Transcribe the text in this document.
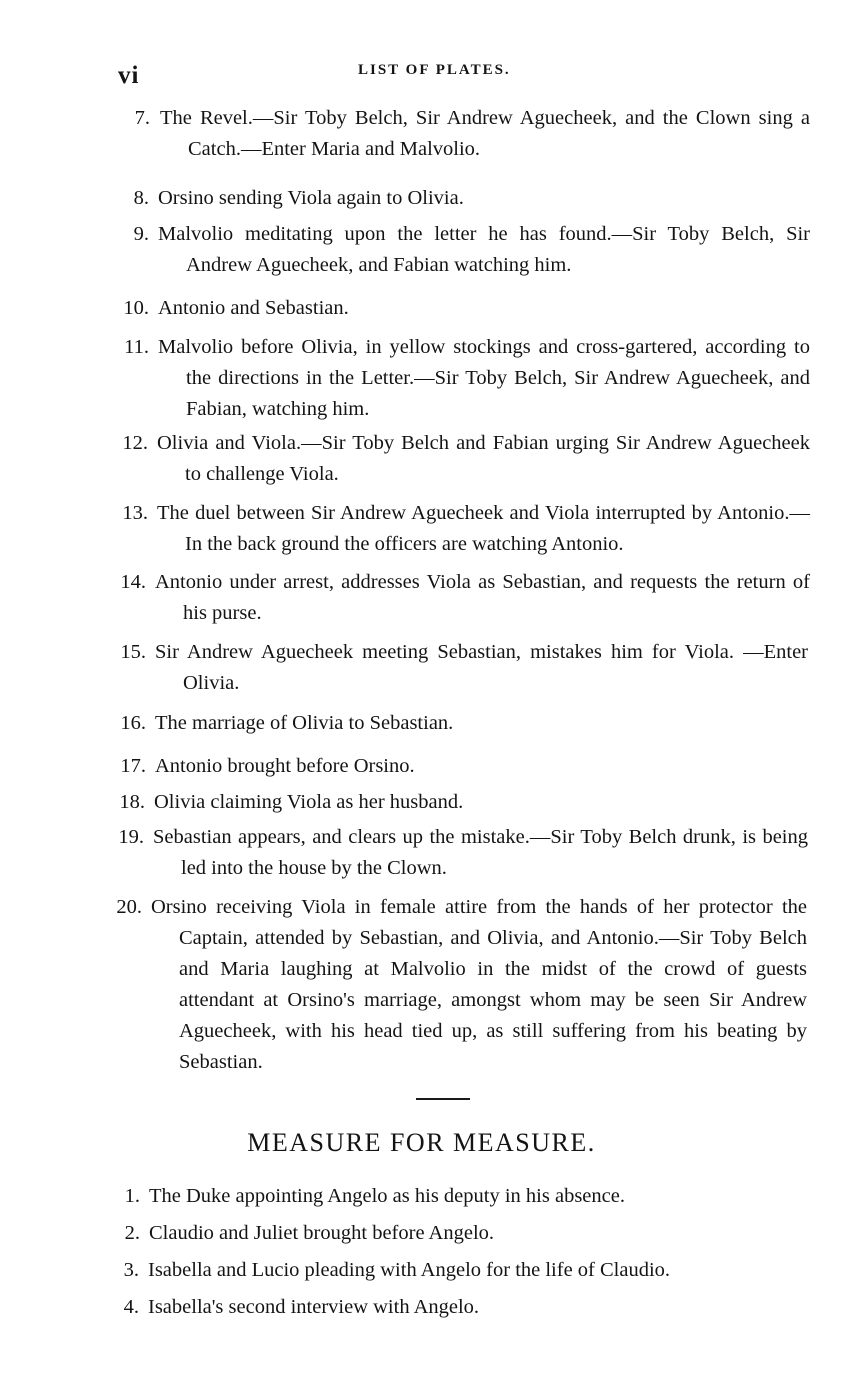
vi	LIST OF PLATES.
7. The Revel.—Sir Toby Belch, Sir Andrew Aguecheek, and the Clown sing a Catch.—Enter Maria and Malvolio.
8. Orsino sending Viola again to Olivia.
9. Malvolio meditating upon the letter he has found.—Sir Toby Belch, Sir Andrew Aguecheek, and Fabian watching him.
10. Antonio and Sebastian.
11. Malvolio before Olivia, in yellow stockings and cross-gartered, according to the directions in the Letter.—Sir Toby Belch, Sir Andrew Aguecheek, and Fabian, watching him.
12. Olivia and Viola.—Sir Toby Belch and Fabian urging Sir Andrew Aguecheek to challenge Viola.
13. The duel between Sir Andrew Aguecheek and Viola interrupted by Antonio.—In the back ground the officers are watching Antonio.
14. Antonio under arrest, addresses Viola as Sebastian, and requests the return of his purse.
15. Sir Andrew Aguecheek meeting Sebastian, mistakes him for Viola. —Enter Olivia.
16. The marriage of Olivia to Sebastian.
17. Antonio brought before Orsino.
18. Olivia claiming Viola as her husband.
19. Sebastian appears, and clears up the mistake.—Sir Toby Belch drunk, is being led into the house by the Clown.
20. Orsino receiving Viola in female attire from the hands of her protector the Captain, attended by Sebastian, and Olivia, and Antonio.—Sir Toby Belch and Maria laughing at Malvolio in the midst of the crowd of guests attendant at Orsino's marriage, amongst whom may be seen Sir Andrew Aguecheek, with his head tied up, as still suffering from his beating by Sebastian.
MEASURE FOR MEASURE.
1. The Duke appointing Angelo as his deputy in his absence.
2. Claudio and Juliet brought before Angelo.
3. Isabella and Lucio pleading with Angelo for the life of Claudio.
4. Isabella's second interview with Angelo.
